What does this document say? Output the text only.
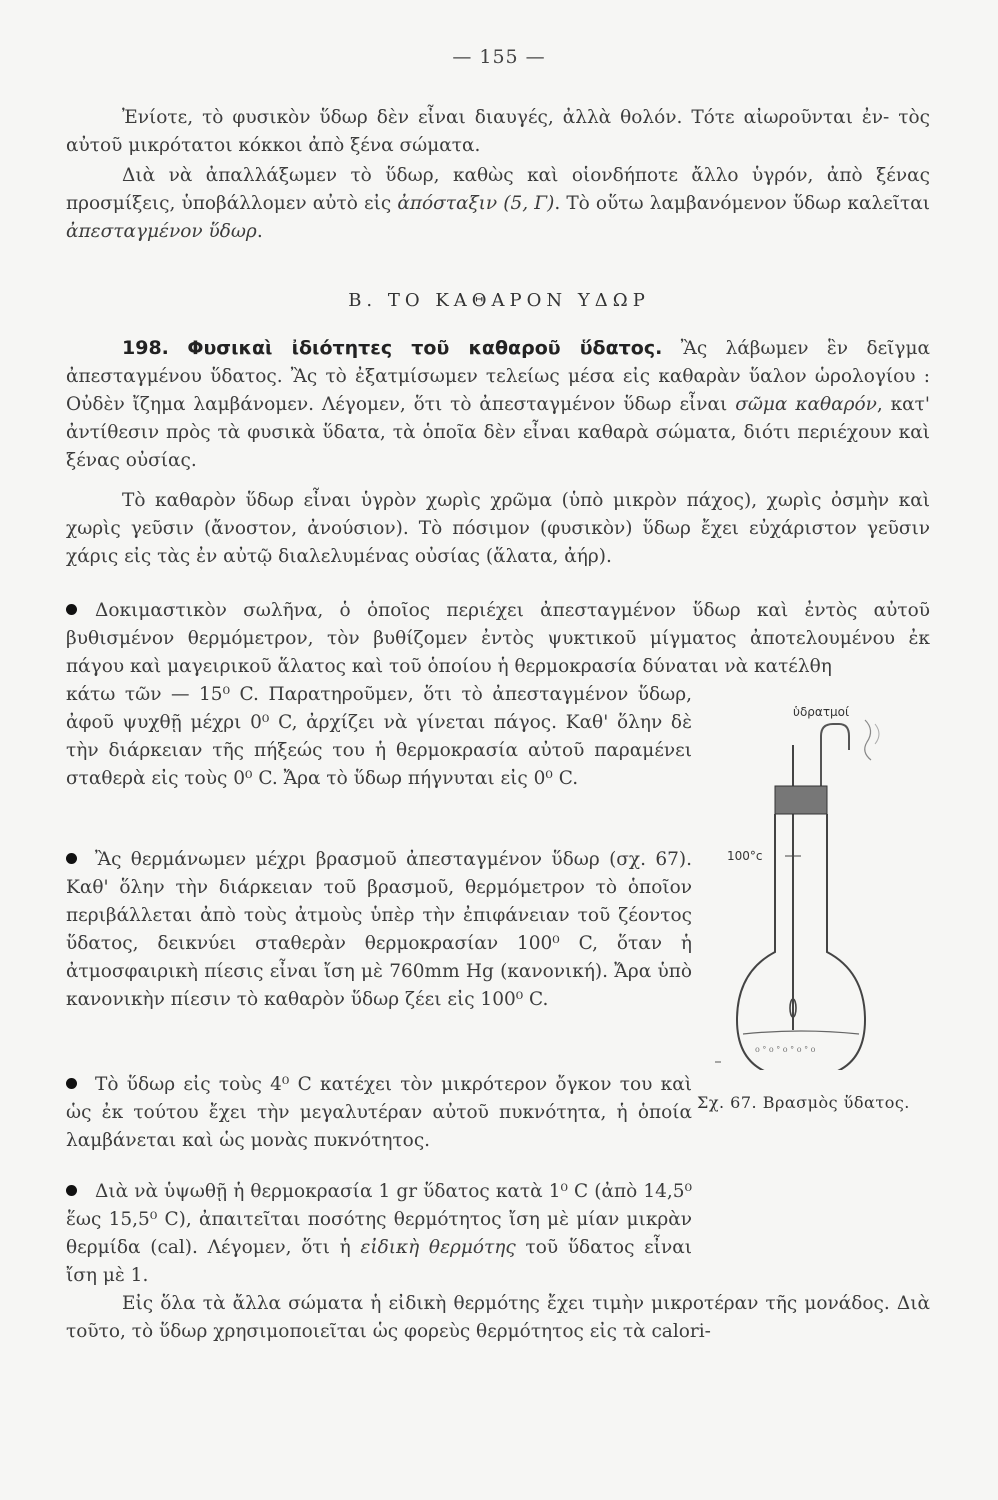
— 155 —

Ἐνίοτε, τὸ φυσικὸν ὕδωρ δὲν εἶναι διαυγές, ἀλλὰ θολόν. Τότε αἰωροῦνται ἐν- τὸς αὐτοῦ μικρότατοι κόκκοι ἀπὸ ξένα σώματα.

Διὰ νὰ ἀπαλλάξωμεν τὸ ὕδωρ, καθὼς καὶ οἱονδήποτε ἄλλο ὑγρόν, ἀπὸ ξένας προσμίξεις, ὑποβάλλομεν αὐτὸ εἰς ἀπόσταξιν (5, Γ). Τὸ οὕτω λαμβανόμενον ὕδωρ καλεῖται ἀπεσταγμένον ὕδωρ.

Β. ΤΟ ΚΑΘΑΡΟΝ ΥΔΩΡ

198. Φυσικαὶ ἰδιότητες τοῦ καθαροῦ ὕδατος. Ἂς λάβωμεν ἓν δεῖγμα ἀπεσταγμένου ὕδατος. Ἂς τὸ ἐξατμίσωμεν τελείως μέσα εἰς καθαρὰν ὕαλον ὡρολογίου : Οὐδὲν ἴζημα λαμβάνομεν. Λέγομεν, ὅτι τὸ ἀπεσταγμένον ὕδωρ εἶναι σῶμα καθαρόν, κατ' ἀντίθεσιν πρὸς τὰ φυσικὰ ὕδατα, τὰ ὁποῖα δὲν εἶναι καθαρὰ σώματα, διότι περιέχουν καὶ ξένας οὐσίας.

Τὸ καθαρὸν ὕδωρ εἶναι ὑγρὸν χωρὶς χρῶμα (ὑπὸ μικρὸν πάχος), χωρὶς ὀσμὴν καὶ χωρὶς γεῦσιν (ἄνοστον, ἀνούσιον). Τὸ πόσιμον (φυσικὸν) ὕδωρ ἔχει εὐχάριστον γεῦσιν χάρις εἰς τὰς ἐν αὐτῷ διαλελυμένας οὐσίας (ἅλατα, ἀήρ).

Δοκιμαστικὸν σωλῆνα, ὁ ὁποῖος περιέχει ἀπεσταγμένον ὕδωρ καὶ ἐντὸς αὐτοῦ βυθισμένον θερμόμετρον, τὸν βυθίζομεν ἐντὸς ψυκτικοῦ μίγματος ἀποτελουμένου ἐκ πάγου καὶ μαγειρικοῦ ἅλατος καὶ τοῦ ὁποίου ἡ θερμοκρασία δύναται νὰ κατέλθη

κάτω τῶν — 15⁰ C. Παρατηροῦμεν, ὅτι τὸ ἀπεσταγμένον ὕδωρ, ἀφοῦ ψυχθῇ μέχρι 0⁰ C, ἀρχίζει νὰ γίνεται πάγος. Καθ' ὅλην δὲ τὴν διάρκειαν τῆς πήξεώς του ἡ θερμοκρασία αὐτοῦ παραμένει σταθερὰ εἰς τοὺς 0⁰ C. Ἄρα τὸ ὕδωρ πήγνυται εἰς 0⁰ C.

Ἂς θερμάνωμεν μέχρι βρασμοῦ ἀπεσταγμένον ὕδωρ (σχ. 67). Καθ' ὅλην τὴν διάρκειαν τοῦ βρασμοῦ, θερμόμετρον τὸ ὁποῖον περιβάλλεται ἀπὸ τοὺς ἀτμοὺς ὑπὲρ τὴν ἐπιφάνειαν τοῦ ζέοντος ὕδατος, δεικνύει σταθερὰν θερμοκρασίαν 100⁰ C, ὅταν ἡ ἀτμοσφαιρικὴ πίεσις εἶναι ἴση μὲ 760mm Hg (κανονική). Ἄρα ὑπὸ κανονικὴν πίεσιν τὸ καθαρὸν ὕδωρ ζέει εἰς 100⁰ C.

Τὸ ὕδωρ εἰς τοὺς 4⁰ C κατέχει τὸν μικρότερον ὄγκον του καὶ ὡς ἐκ τούτου ἔχει τὴν μεγαλυτέραν αὐτοῦ πυκνότητα, ἡ ὁποία λαμβάνεται καὶ ὡς μονὰς πυκνότητος.

Διὰ νὰ ὑψωθῇ ἡ θερμοκρασία 1 gr ὕδατος κατὰ 1⁰ C (ἀπὸ 14,5⁰ ἕως 15,5⁰ C), ἀπαιτεῖται ποσότης θερμότητος ἴση μὲ μίαν μικρὰν θερμίδα (cal). Λέγομεν, ὅτι ἡ εἰδικὴ θερμότης τοῦ ὕδατος εἶναι ἴση μὲ 1.

Εἰς ὅλα τὰ ἄλλα σώματα ἡ εἰδικὴ θερμότης ἔχει τιμὴν μικροτέραν τῆς μονάδος. Διὰ τοῦτο, τὸ ὕδωρ χρησιμοποιεῖται ὡς φορεὺς θερμότητος εἰς τὰ calori-

ὑδρατμοί
o ° o ° o ° o ° o
100°c
Σχ. 67. Βρασμὸς ὕδατος.
